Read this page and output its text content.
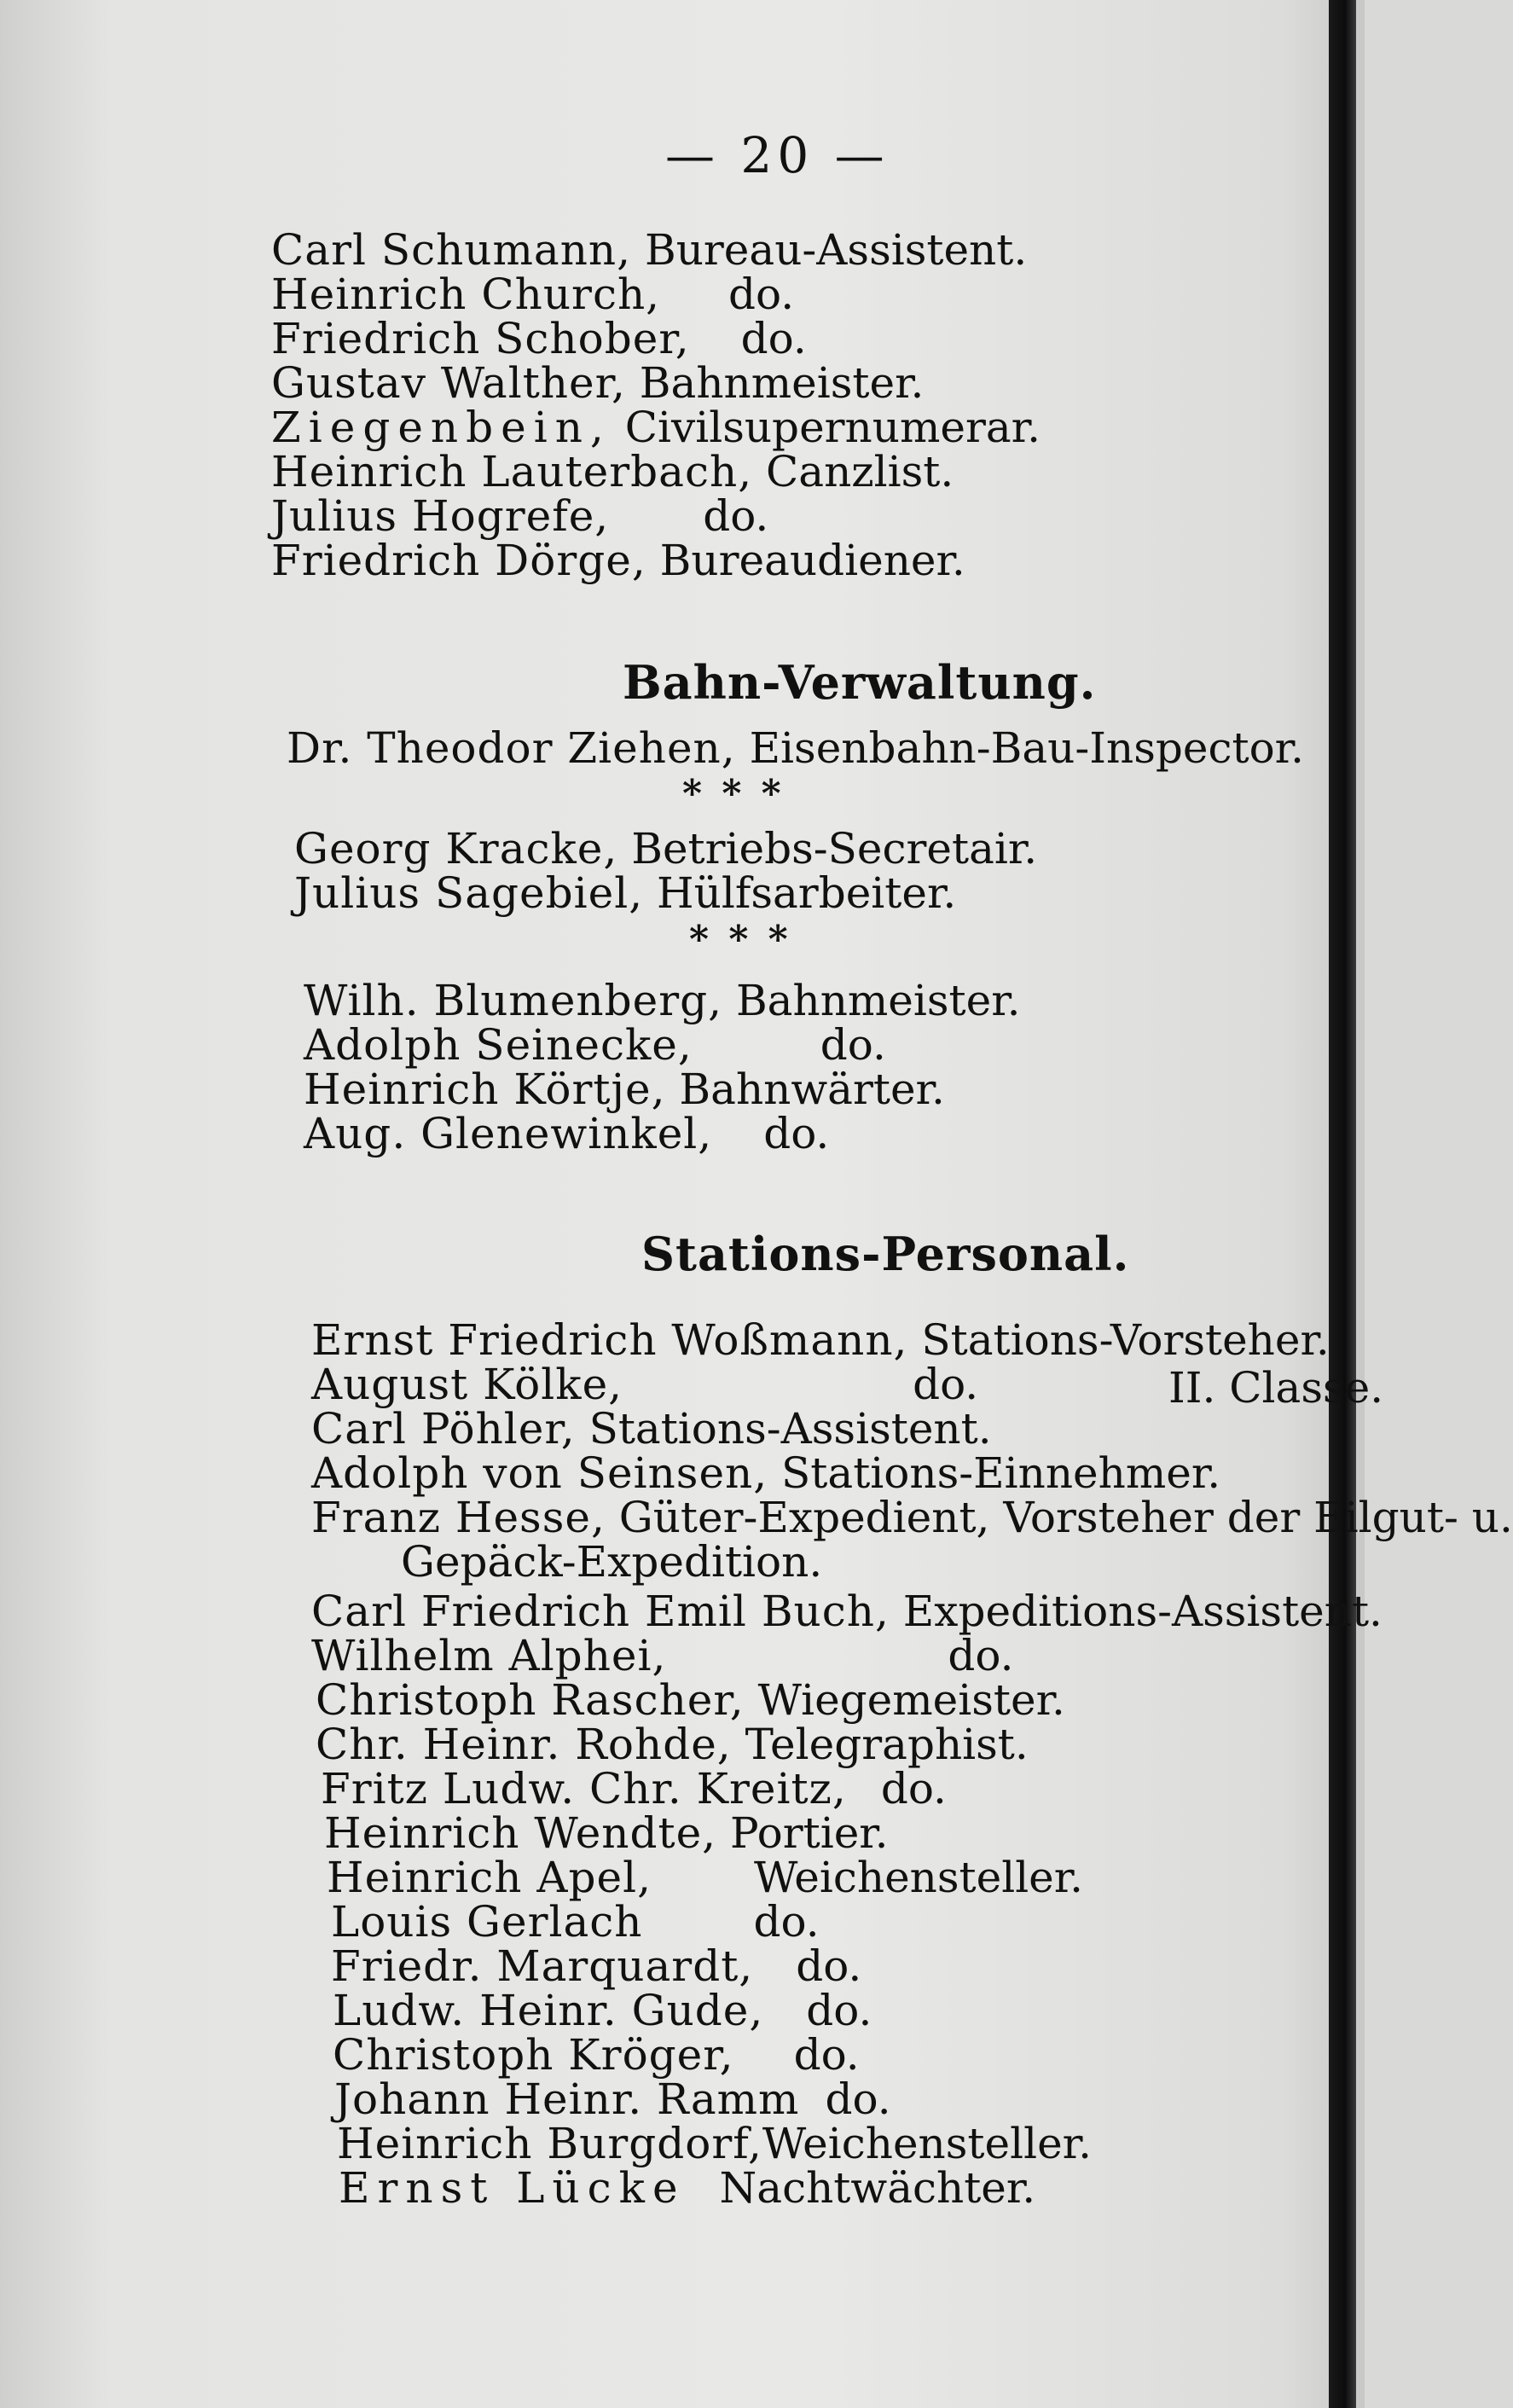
— 20 —
Carl Schumann, Bureau-Assistent.
Heinrich Church, do.
Friedrich Schober, do.
Gustav Walther, Bahnmeister.
Ziegenbein, Civilsupernumerar.
Heinrich Lauterbach, Canzlist.
Julius Hogrefe, do.
Friedrich Dörge, Bureaudiener.
Bahn-Verwaltung.
Dr. Theodor Ziehen, Eisenbahn-Bau-Inspector.
* * *
Georg Kracke, Betriebs-Secretair.
Julius Sagebiel, Hülfsarbeiter.
* * *
Wilh. Blumenberg, Bahnmeister.
Adolph Seinecke,	do.
Heinrich Körtje, Bahnwärter.
Aug. Glenewinkel, do.
Stations-Personal.
Ernst Friedrich Woßmann, Stations-Vorsteher.
August Kölke,	do.	II. Classe.
Carl Pöhler, Stations-Assistent.
Adolph von Seinsen, Stations-Einnehmer.
Franz Hesse, Güter-Expedient, Vorsteher der Eilgut- u.
Gepäck-Expedition.
Carl Friedrich Emil Buch, Expeditions-Assistent.
Wilhelm Alphei,	do.
Christoph Rascher, Wiegemeister.
Chr. Heinr. Rohde, Telegraphist.
Fritz Ludw. Chr. Kreitz, do.
Heinrich Wendte, Portier.
Heinrich Apel, Weichensteller.
Louis Gerlach	do.
Friedr. Marquardt, do.
Ludw. Heinr. Gude, do.
Christoph Kröger, do.
Johann Heinr. Ramm do.
Heinrich Burgdorf,Weichensteller.
Ernst Lücke Nachtwächter.
